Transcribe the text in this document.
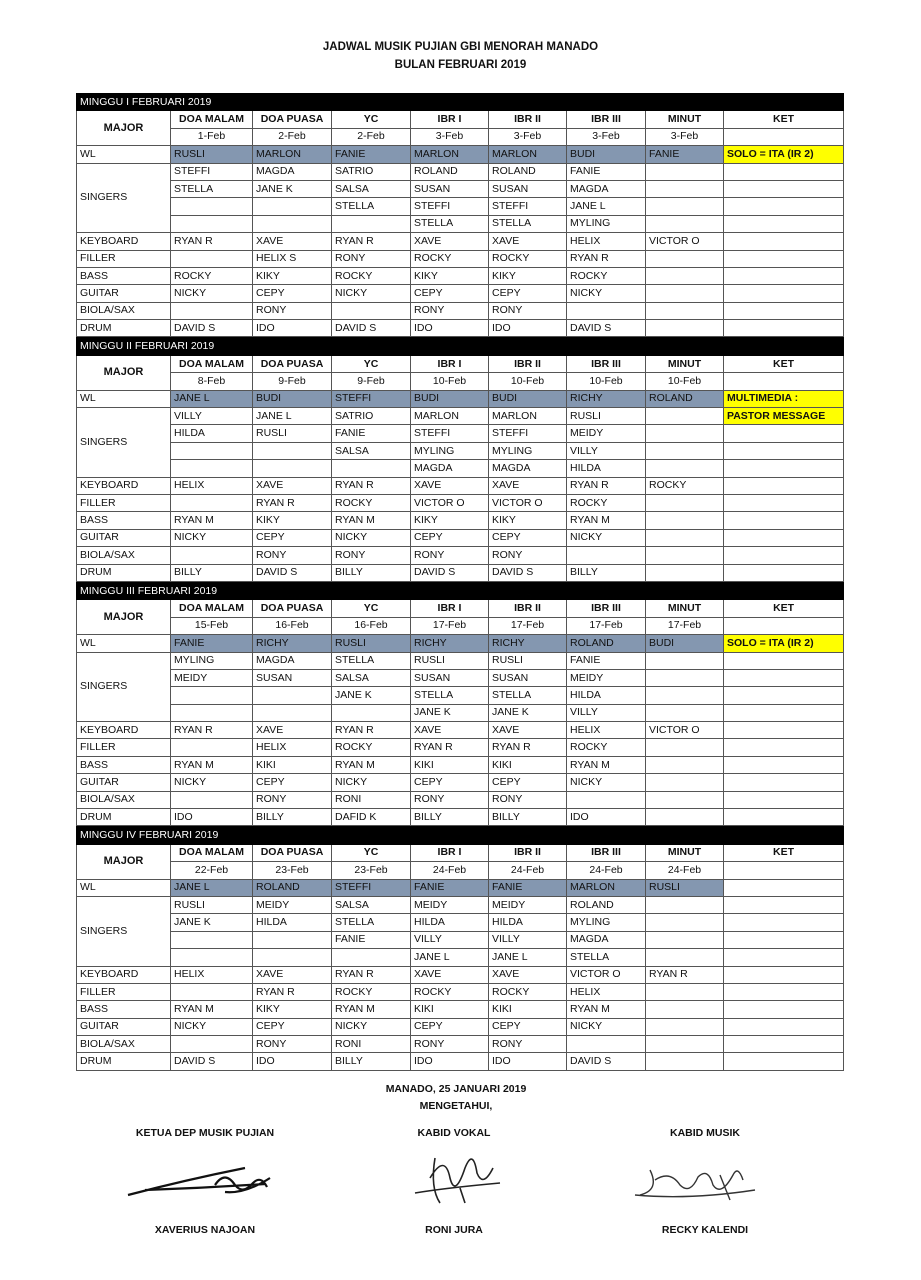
JADWAL MUSIK PUJIAN GBI MENORAH MANADO
BULAN FEBRUARI 2019
MINGGU I FEBRUARI 2019								
MAJOR	DOA MALAM	DOA PUASA	YC	IBR I	IBR II	IBR III	MINUT	KET
	1-Feb	2-Feb	2-Feb	3-Feb	3-Feb	3-Feb	3-Feb	
WL	RUSLI	MARLON	FANIE	MARLON	MARLON	BUDI	FANIE	SOLO = ITA (IR 2)
SINGERS	STEFFI	MAGDA	SATRIO	ROLAND	ROLAND	FANIE		
	STELLA	JANE K	SALSA	SUSAN	SUSAN	MAGDA		
			STELLA	STEFFI	STEFFI	JANE L		
				STELLA	STELLA	MYLING		
KEYBOARD	RYAN R	XAVE	RYAN R	XAVE	XAVE	HELIX	VICTOR O	
FILLER		HELIX S	RONY	ROCKY	ROCKY	RYAN R		
BASS	ROCKY	KIKY	ROCKY	KIKY	KIKY	ROCKY		
GUITAR	NICKY	CEPY	NICKY	CEPY	CEPY	NICKY		
BIOLA/SAX		RONY		RONY	RONY			
DRUM	DAVID S	IDO	DAVID S	IDO	IDO	DAVID S		
MINGGU II FEBRUARI 2019								
MAJOR	DOA MALAM	DOA PUASA	YC	IBR I	IBR II	IBR III	MINUT	KET
	8-Feb	9-Feb	9-Feb	10-Feb	10-Feb	10-Feb	10-Feb	
WL	JANE L	BUDI	STEFFI	BUDI	BUDI	RICHY	ROLAND	MULTIMEDIA :
SINGERS	VILLY	JANE L	SATRIO	MARLON	MARLON	RUSLI		PASTOR MESSAGE
	HILDA	RUSLI	FANIE	STEFFI	STEFFI	MEIDY		
			SALSA	MYLING	MYLING	VILLY		
				MAGDA	MAGDA	HILDA		
KEYBOARD	HELIX	XAVE	RYAN R	XAVE	XAVE	RYAN R	ROCKY	
FILLER		RYAN R	ROCKY	VICTOR O	VICTOR O	ROCKY		
BASS	RYAN M	KIKY	RYAN M	KIKY	KIKY	RYAN M		
GUITAR	NICKY	CEPY	NICKY	CEPY	CEPY	NICKY		
BIOLA/SAX		RONY	RONY	RONY	RONY			
DRUM	BILLY	DAVID S	BILLY	DAVID S	DAVID S	BILLY		
MINGGU III FEBRUARI 2019								
MAJOR	DOA MALAM	DOA PUASA	YC	IBR I	IBR II	IBR III	MINUT	KET
	15-Feb	16-Feb	16-Feb	17-Feb	17-Feb	17-Feb	17-Feb	
WL	FANIE	RICHY	RUSLI	RICHY	RICHY	ROLAND	BUDI	SOLO = ITA (IR 2)
SINGERS	MYLING	MAGDA	STELLA	RUSLI	RUSLI	FANIE		
	MEIDY	SUSAN	SALSA	SUSAN	SUSAN	MEIDY		
			JANE K	STELLA	STELLA	HILDA		
				JANE K	JANE K	VILLY		
KEYBOARD	RYAN R	XAVE	RYAN R	XAVE	XAVE	HELIX	VICTOR O	
FILLER		HELIX	ROCKY	RYAN R	RYAN R	ROCKY		
BASS	RYAN M	KIKI	RYAN M	KIKI	KIKI	RYAN M		
GUITAR	NICKY	CEPY	NICKY	CEPY	CEPY	NICKY		
BIOLA/SAX		RONY	RONI	RONY	RONY			
DRUM	IDO	BILLY	DAFID K	BILLY	BILLY	IDO		
MINGGU IV FEBRUARI 2019								
MAJOR	DOA MALAM	DOA PUASA	YC	IBR I	IBR II	IBR III	MINUT	KET
	22-Feb	23-Feb	23-Feb	24-Feb	24-Feb	24-Feb	24-Feb	
WL	JANE L	ROLAND	STEFFI	FANIE	FANIE	MARLON	RUSLI	
SINGERS	RUSLI	MEIDY	SALSA	MEIDY	MEIDY	ROLAND		
	JANE K	HILDA	STELLA	HILDA	HILDA	MYLING		
			FANIE	VILLY	VILLY	MAGDA		
				JANE L	JANE L	STELLA		
KEYBOARD	HELIX	XAVE	RYAN R	XAVE	XAVE	VICTOR O	RYAN R	
FILLER		RYAN R	ROCKY	ROCKY	ROCKY	HELIX		
BASS	RYAN M	KIKY	RYAN M	KIKI	KIKI	RYAN M		
GUITAR	NICKY	CEPY	NICKY	CEPY	CEPY	NICKY		
BIOLA/SAX		RONY	RONI	RONY	RONY			
DRUM	DAVID S	IDO	BILLY	IDO	IDO	DAVID S		
MANADO, 25 JANUARI 2019
MENGETAHUI,
KETUA DEP MUSIK PUJIAN	KABID VOKAL	KABID MUSIK
XAVERIUS NAJOAN	RONI JURA	RECKY KALENDI
